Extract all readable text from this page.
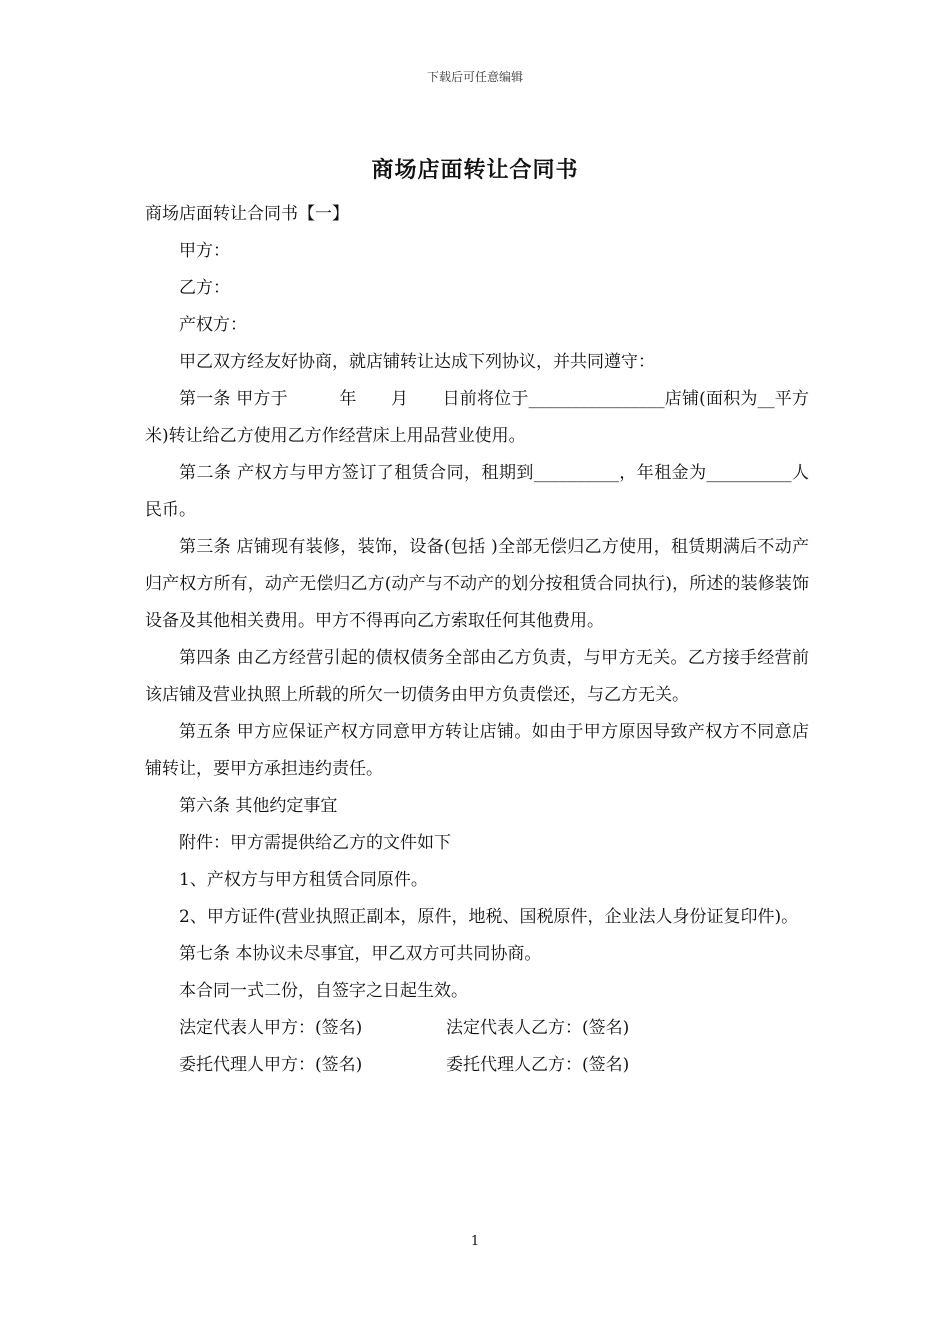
下载后可任意编辑
商场店面转让合同书

商场店面转让合同书【一】

甲方：

乙方：

产权方：

甲乙双方经友好协商，就店铺转让达成下列协议，并共同遵守：

第一条 甲方于　　　年　　月　　日前将位于________________店铺(面积为__平方米)转让给乙方使用乙方作经营床上用品营业使用。

第二条 产权方与甲方签订了租赁合同，租期到__________，年租金为__________人民币。

第三条 店铺现有装修，装饰，设备(包括 )全部无偿归乙方使用，租赁期满后不动产归产权方所有，动产无偿归乙方(动产与不动产的划分按租赁合同执行)，所述的装修装饰设备及其他相关费用。甲方不得再向乙方索取任何其他费用。

第四条 由乙方经营引起的债权债务全部由乙方负责，与甲方无关。乙方接手经营前该店铺及营业执照上所载的所欠一切债务由甲方负责偿还，与乙方无关。

第五条 甲方应保证产权方同意甲方转让店铺。如由于甲方原因导致产权方不同意店铺转让，要甲方承担违约责任。

第六条 其他约定事宜

附件：甲方需提供给乙方的文件如下

1、产权方与甲方租赁合同原件。

2、甲方证件(营业执照正副本，原件，地税、国税原件，企业法人身份证复印件)。

第七条 本协议未尽事宜，甲乙双方可共同协商。

本合同一式二份，自签字之日起生效。

法定代表人甲方：(签名)	法定代表人乙方：(签名)
委托代理人甲方：(签名)	委托代理人乙方：(签名)
1
